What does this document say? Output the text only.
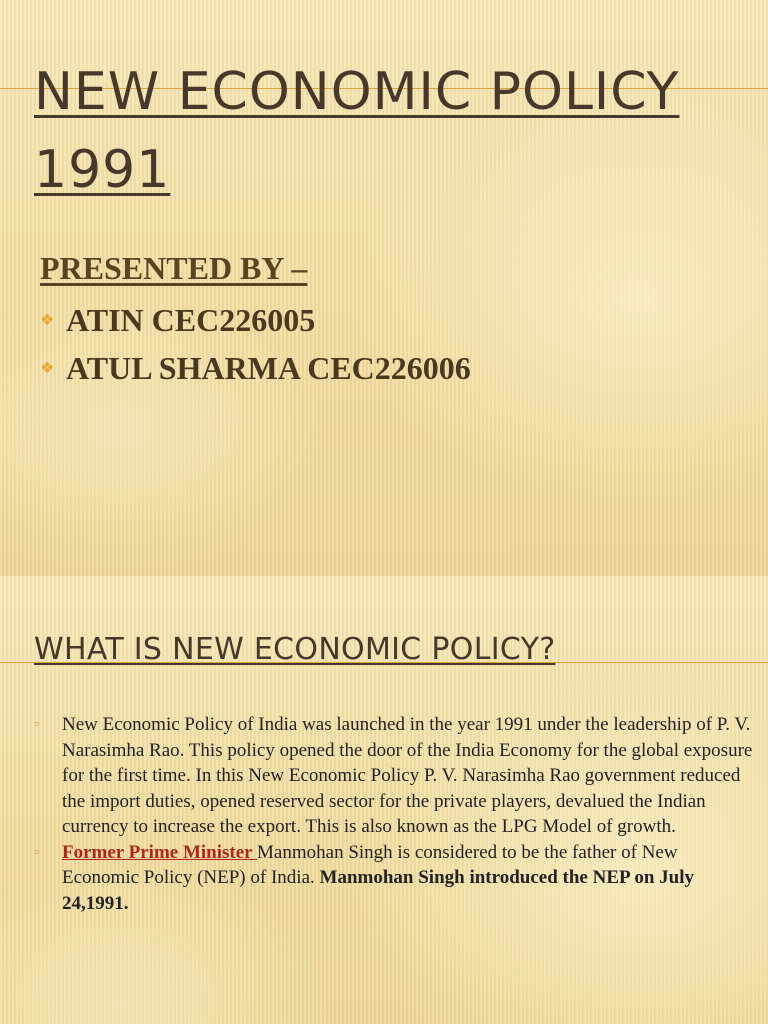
NEW ECONOMIC POLICY 1991

PRESENTED BY –

❖ ATIN CEC226005
❖ ATUL SHARMA CEC226006
WHAT IS NEW ECONOMIC POLICY?
▫	New Economic Policy of India was launched in the year 1991 under the leadership of P. V. Narasimha Rao. This policy opened the door of the India Economy for the global exposure for the first time. In this New Economic Policy P. V. Narasimha Rao government reduced the import duties, opened reserved sector for the private players, devalued the Indian currency to increase the export. This is also known as the LPG Model of growth.
▫	Former Prime Minister Manmohan Singh is considered to be the father of New Economic Policy (NEP) of India. Manmohan Singh introduced the NEP on July 24,1991.
